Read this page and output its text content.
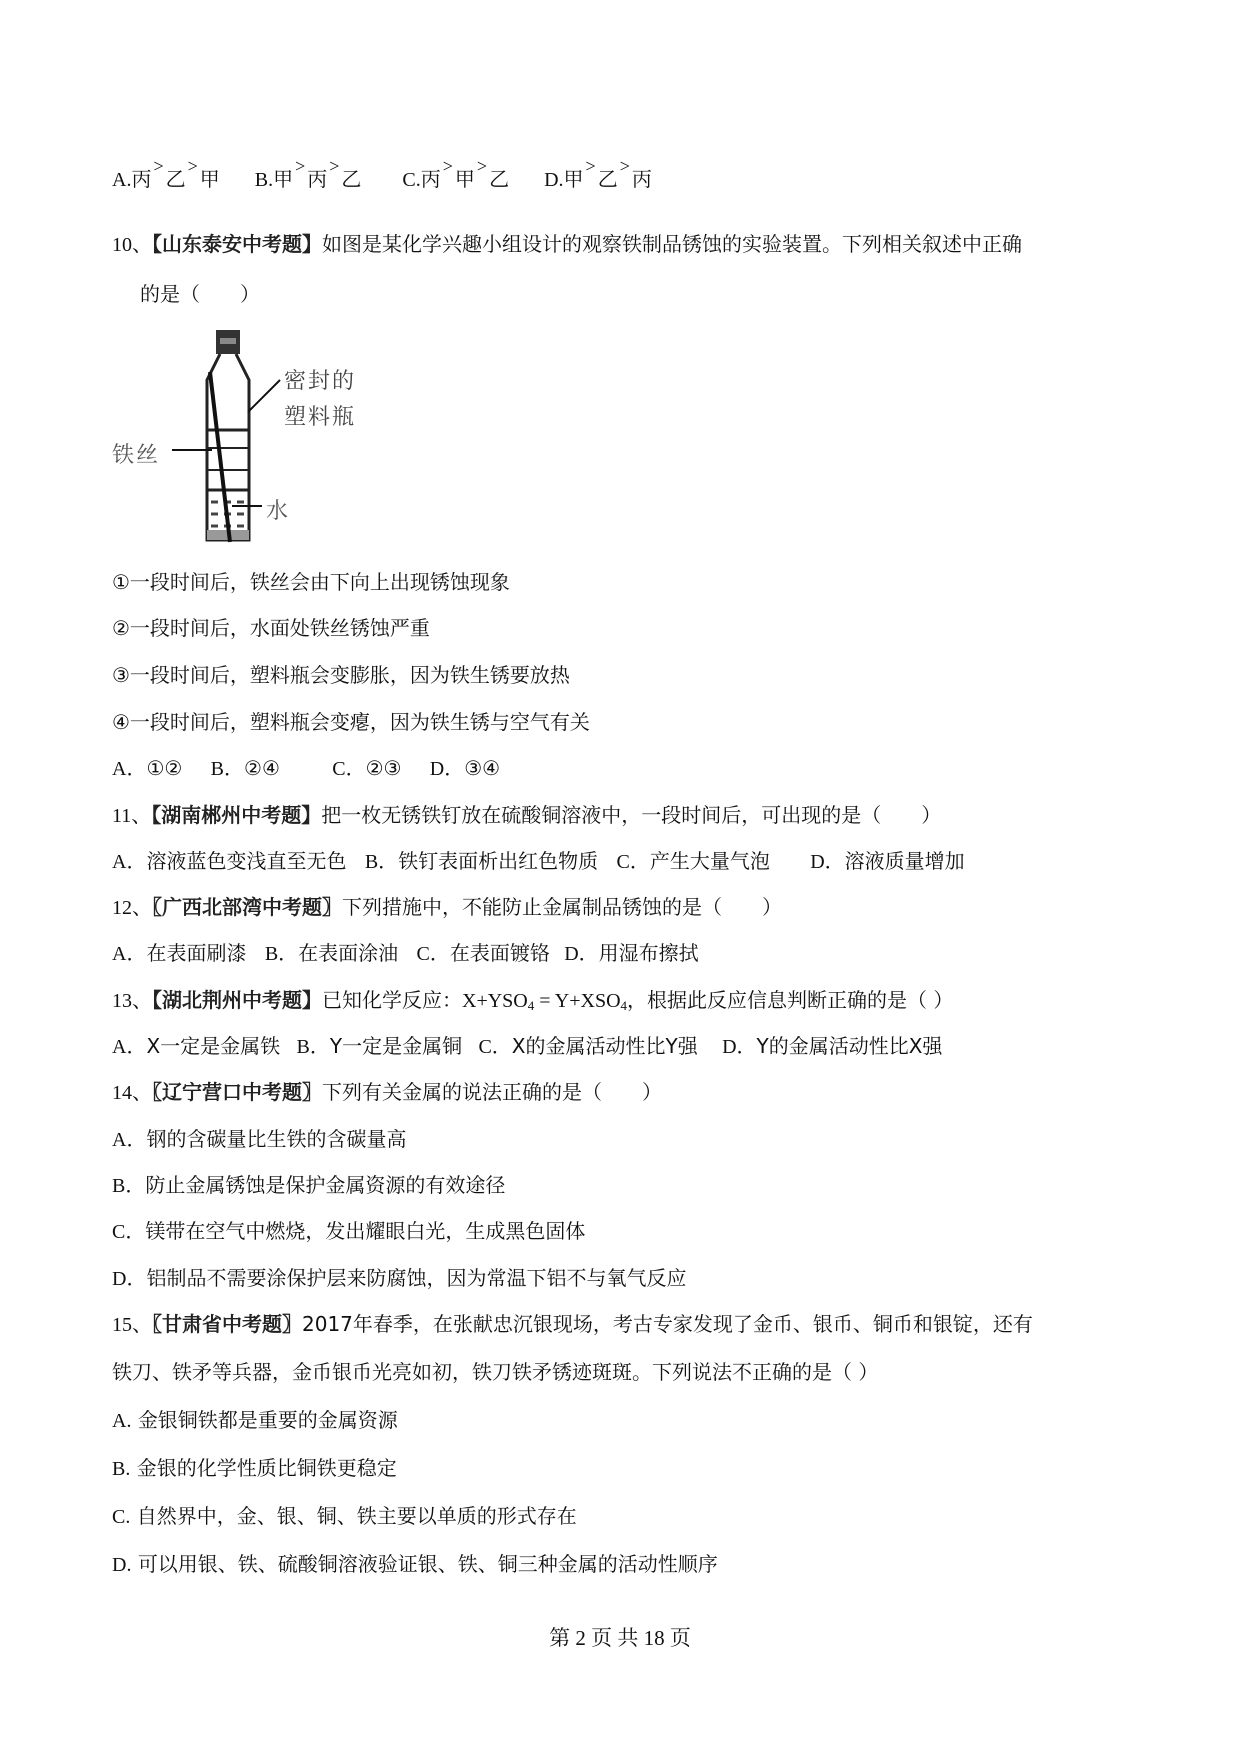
A.丙>乙>甲 B.甲>丙>乙 C.丙>甲>乙 D.甲>乙>丙
10、【山东泰安中考题】如图是某化学兴趣小组设计的观察铁制品锈蚀的实验装置。下列相关叙述中正确
的是（　　）
铁丝
密封的
塑料瓶
水
①一段时间后，铁丝会由下向上出现锈蚀现象
②一段时间后，水面处铁丝锈蚀严重
③一段时间后，塑料瓶会变膨胀，因为铁生锈要放热
④一段时间后，塑料瓶会变瘪，因为铁生锈与空气有关
A．①② B．②④	C．②③ D．③④
11、【湖南郴州中考题】把一枚无锈铁钉放在硫酸铜溶液中，一段时间后，可出现的是（　　）
A．溶液蓝色变浅直至无色 B．铁钉表面析出红色物质 C．产生大量气泡 D．溶液质量增加
12、〖广西北部湾中考题〗下列措施中，不能防止金属制品锈蚀的是（　　）
A．在表面刷漆 B．在表面涂油 C．在表面镀铬 D．用湿布擦拭
13、【湖北荆州中考题】已知化学反应：$X+YSO_4 = Y+XSO_4$，根据此反应信息判断正确的是（ ）
A．X一定是金属铁 B．Y一定是金属铜 C．X的金属活动性比Y强 D．Y的金属活动性比X强
14、〖辽宁营口中考题〗下列有关金属的说法正确的是（　　）
A．钢的含碳量比生铁的含碳量高
B．防止金属锈蚀是保护金属资源的有效途径
C．镁带在空气中燃烧，发出耀眼白光，生成黑色固体
D．铝制品不需要涂保护层来防腐蚀，因为常温下铝不与氧气反应
15、〖甘肃省中考题〗2017年春季，在张献忠沉银现场，考古专家发现了金币、银币、铜币和银锭，还有
铁刀、铁矛等兵器，金币银币光亮如初，铁刀铁矛锈迹斑斑。下列说法不正确的是（ ）
A. 金银铜铁都是重要的金属资源
B. 金银的化学性质比铜铁更稳定
C. 自然界中，金、银、铜、铁主要以单质的形式存在
D. 可以用银、铁、硫酸铜溶液验证银、铁、铜三种金属的活动性顺序
第 2 页 共 18 页
